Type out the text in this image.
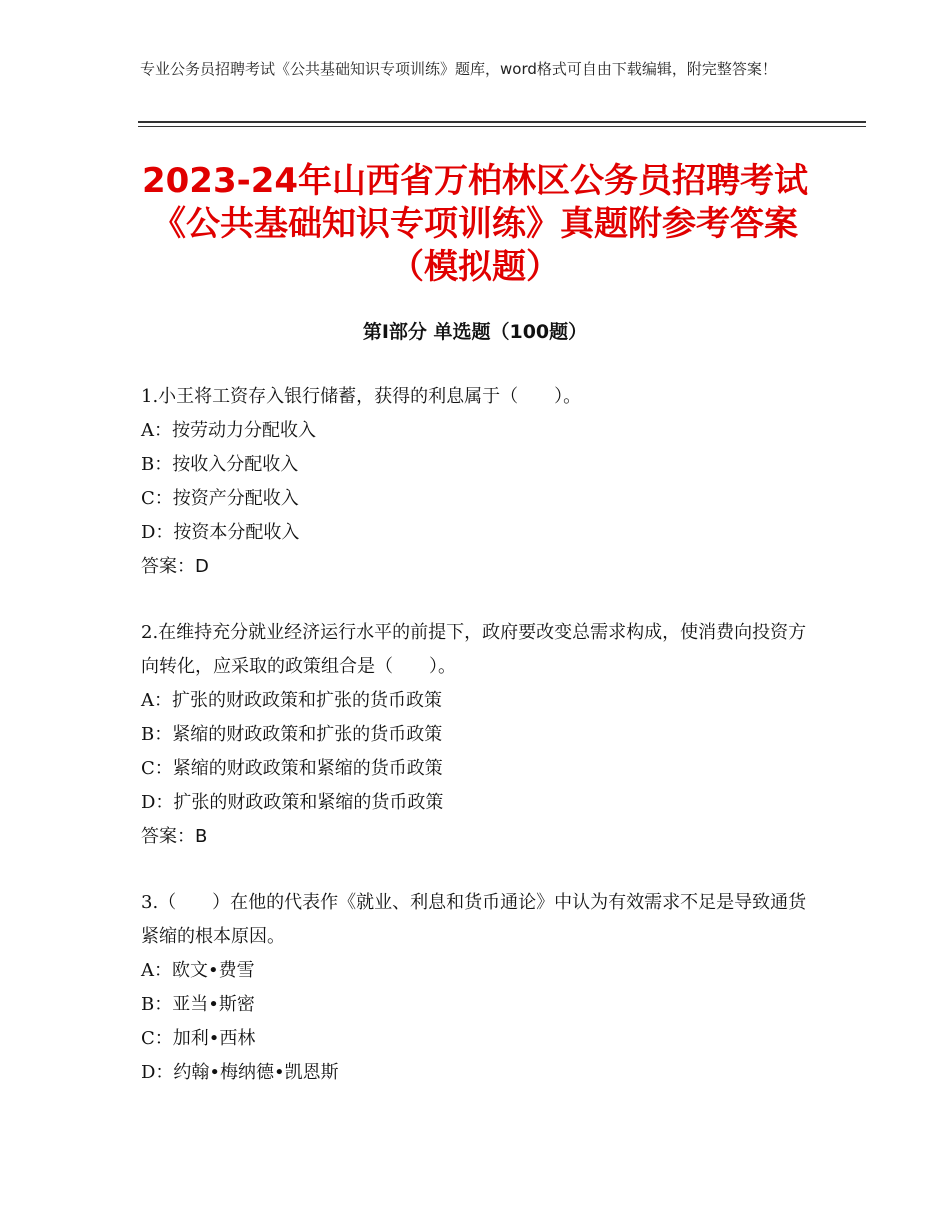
专业公务员招聘考试《公共基础知识专项训练》题库，word格式可自由下载编辑，附完整答案！
2023-24年山西省万柏林区公务员招聘考试《公共基础知识专项训练》真题附参考答案（模拟题）
第Ⅰ部分 单选题（100题）
1.小王将工资存入银行储蓄，获得的利息属于（　　）。
A：按劳动力分配收入
B：按收入分配收入
C：按资产分配收入
D：按资本分配收入
答案：D
2.在维持充分就业经济运行水平的前提下，政府要改变总需求构成，使消费向投资方向转化，应采取的政策组合是（　　）。
A：扩张的财政政策和扩张的货币政策
B：紧缩的财政政策和扩张的货币政策
C：紧缩的财政政策和紧缩的货币政策
D：扩张的财政政策和紧缩的货币政策
答案：B
3.（　　）在他的代表作《就业、利息和货币通论》中认为有效需求不足是导致通货紧缩的根本原因。
A：欧文•费雪
B：亚当•斯密
C：加利•西林
D：约翰•梅纳德•凯恩斯
